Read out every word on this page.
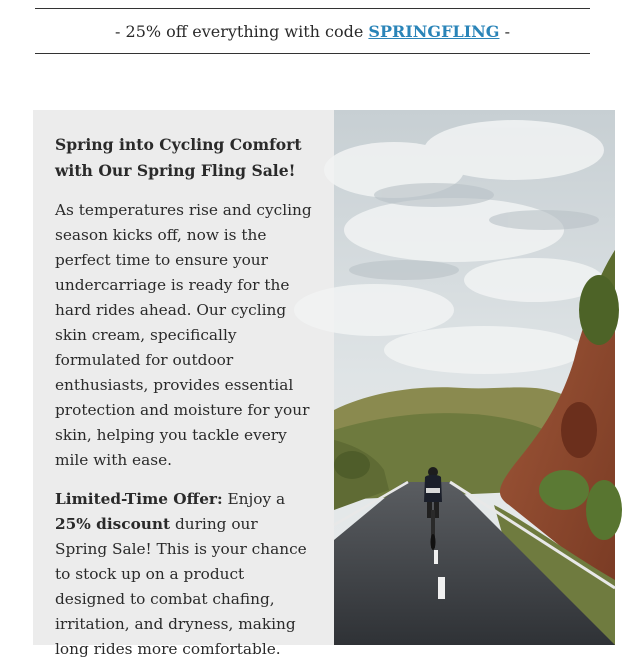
- 25% off everything with code
SPRINGFLING
-
Spring into Cycling Comfort with Our Spring Fling Sale!

As temperatures rise and cycling season kicks off, now is the perfect time to ensure your undercarriage is ready for the hard rides ahead. Our cycling skin cream, specifically formulated for outdoor enthusiasts, provides essential protection and moisture for your skin, helping you tackle every mile with ease.

Limited-Time Offer: Enjoy a 25% discount during our Spring Sale! This is your chance to stock up on a product designed to combat chafing, irritation, and dryness, making long rides more comfortable.
